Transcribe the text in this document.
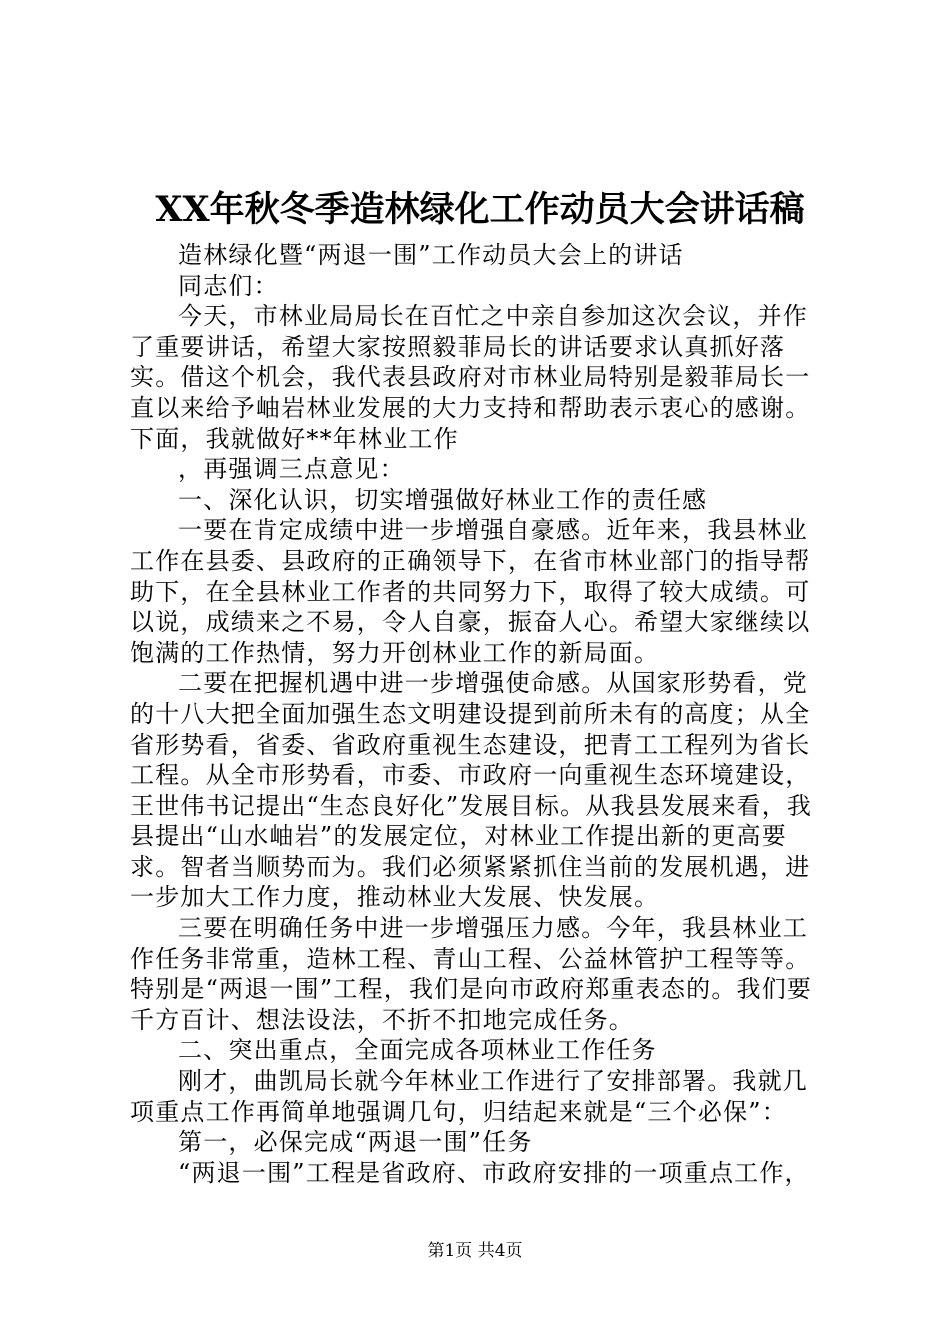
XX年秋冬季造林绿化工作动员大会讲话稿

造林绿化暨“两退一围”工作动员大会上的讲话

同志们：

今天，市林业局局长在百忙之中亲自参加这次会议，并作了重要讲话，希望大家按照毅菲局长的讲话要求认真抓好落实。借这个机会，我代表县政府对市林业局特别是毅菲局长一直以来给予岫岩林业发展的大力支持和帮助表示衷心的感谢。下面，我就做好**年林业工作

，再强调三点意见：

一、深化认识，切实增强做好林业工作的责任感

一要在肯定成绩中进一步增强自豪感。近年来，我县林业工作在县委、县政府的正确领导下，在省市林业部门的指导帮助下，在全县林业工作者的共同努力下，取得了较大成绩。可以说，成绩来之不易，令人自豪，振奋人心。希望大家继续以饱满的工作热情，努力开创林业工作的新局面。

二要在把握机遇中进一步增强使命感。从国家形势看，党的十八大把全面加强生态文明建设提到前所未有的高度；从全省形势看，省委、省政府重视生态建设，把青工工程列为省长工程。从全市形势看，市委、市政府一向重视生态环境建设，王世伟书记提出“生态良好化”发展目标。从我县发展来看，我县提出“山水岫岩”的发展定位，对林业工作提出新的更高要求。智者当顺势而为。我们必须紧紧抓住当前的发展机遇，进一步加大工作力度，推动林业大发展、快发展。

三要在明确任务中进一步增强压力感。今年，我县林业工作任务非常重，造林工程、青山工程、公益林管护工程等等。特别是“两退一围”工程，我们是向市政府郑重表态的。我们要千方百计、想法设法，不折不扣地完成任务。

二、突出重点，全面完成各项林业工作任务

刚才，曲凯局长就今年林业工作进行了安排部署。我就几项重点工作再简单地强调几句，归结起来就是“三个必保”：

第一，必保完成“两退一围”任务

“两退一围”工程是省政府、市政府安排的一项重点工作，

第1页 共4页
